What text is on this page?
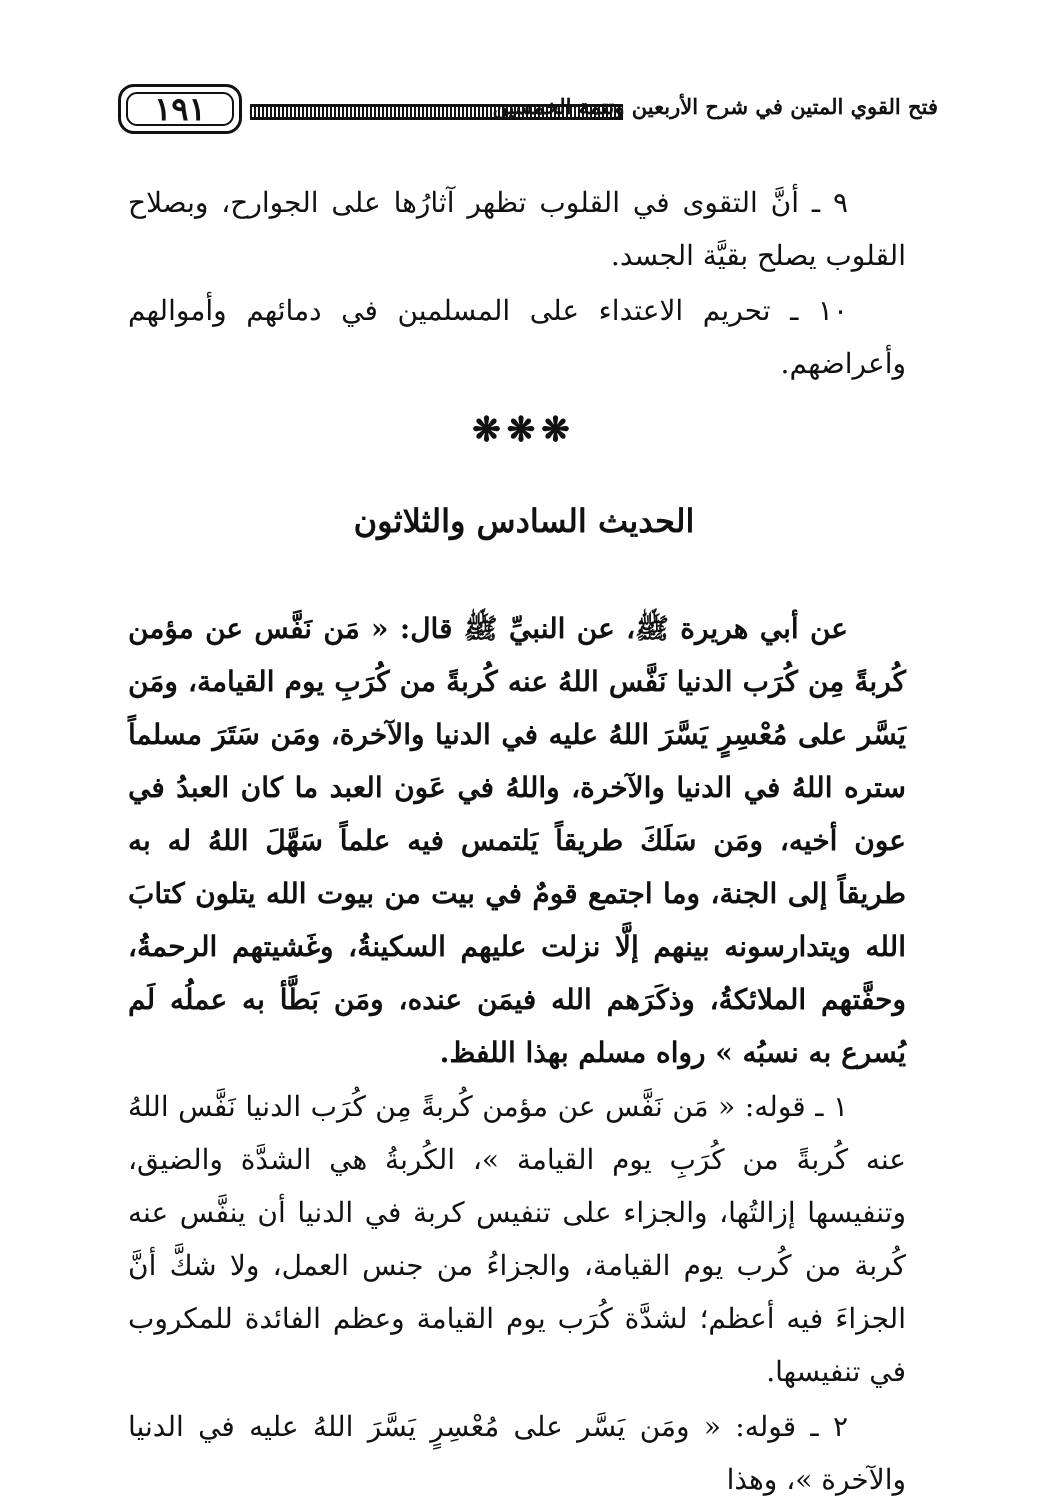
١٩١	فتح القوي المتين في شرح الأربعين وتتمة الخمسين

٩ ـ أنَّ التقوى في القلوب تظهر آثارُها على الجوارح، وبصلاح القلوب يصلح بقيَّة الجسد.

١٠ ـ تحريم الاعتداء على المسلمين في دمائهم وأموالهم وأعراضهم.

❋❋❋
الحديث السادس والثلاثون

عن أبي هريرة ﷺ، عن النبيِّ ﷺ قال: « مَن نَفَّس عن مؤمن كُربةً مِن كُرَب الدنيا نَفَّس اللهُ عنه كُربةً من كُرَبِ يوم القيامة، ومَن يَسَّر على مُعْسِرٍ يَسَّرَ اللهُ عليه في الدنيا والآخرة، ومَن سَتَرَ مسلماً ستره اللهُ في الدنيا والآخرة، واللهُ في عَون العبد ما كان العبدُ في عون أخيه، ومَن سَلَكَ طريقاً يَلتمس فيه علماً سَهَّلَ اللهُ له به طريقاً إلى الجنة، وما اجتمع قومٌ في بيت من بيوت الله يتلون كتابَ الله ويتدارسونه بينهم إلَّا نزلت عليهم السكينةُ، وغَشيتهم الرحمةُ، وحفَّتهم الملائكةُ، وذكَرَهم الله فيمَن عنده، ومَن بَطَّأ به عملُه لَم يُسرع به نسبُه » رواه مسلم بهذا اللفظ.

١ ـ قوله: « مَن نَفَّس عن مؤمن كُربةً مِن كُرَب الدنيا نَفَّس اللهُ عنه كُربةً من كُرَبِ يوم القيامة »، الكُربةُ هي الشدَّة والضيق، وتنفيسها إزالتُها، والجزاء على تنفيس كربة في الدنيا أن ينفَّس عنه كُربة من كُرب يوم القيامة، والجزاءُ من جنس العمل، ولا شكَّ أنَّ الجزاءَ فيه أعظم؛ لشدَّة كُرَب يوم القيامة وعظم الفائدة للمكروب في تنفيسها.

٢ ـ قوله: « ومَن يَسَّر على مُعْسِرٍ يَسَّرَ اللهُ عليه في الدنيا والآخرة »، وهذا
